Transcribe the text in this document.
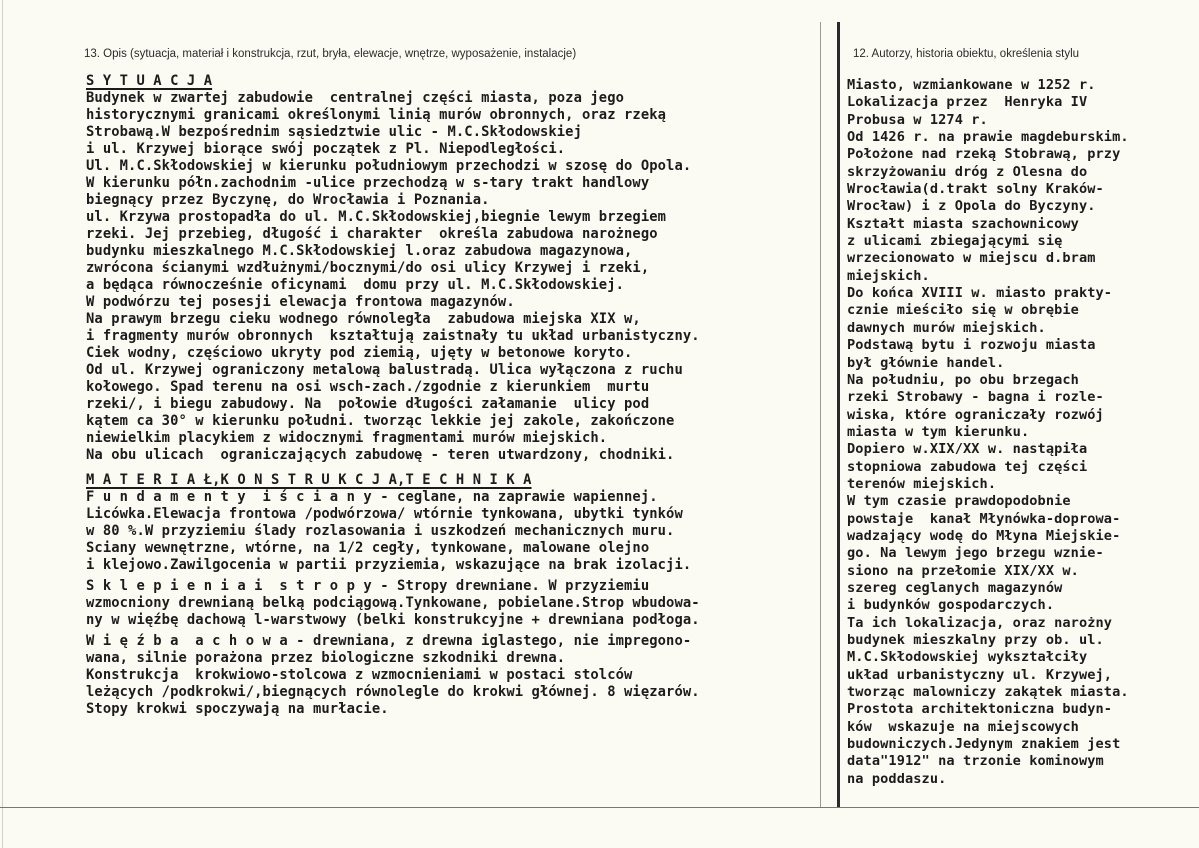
13. Opis (sytuacja, materiał i konstrukcja, rzut, bryła, elewacje, wnętrze, wyposażenie, instalacje)	12. Autorzy, historia obiektu, określenia stylu
S Y T U A C J A
Budynek w zwartej zabudowie  centralnej części miasta, poza jego
historycznymi granicami określonymi linią murów obronnych, oraz rzeką
Strobawą.W bezpośrednim sąsiedztwie ulic - M.C.Skłodowskiej
i ul. Krzywej biorące swój początek z Pl. Niepodległości.
Ul. M.C.Skłodowskiej w kierunku południowym przechodzi w szosę do Opola.
W kierunku półn.zachodnim -ulice przechodzą w s-tary trakt handlowy
biegnący przez Byczynę, do Wrocławia i Poznania.
ul. Krzywa prostopadła do ul. M.C.Skłodowskiej,biegnie lewym brzegiem
rzeki. Jej przebieg, długość i charakter  określa zabudowa narożnego
budynku mieszkalnego M.C.Skłodowskiej l.oraz zabudowa magazynowa,
zwrócona ścianymi wzdłużnymi/bocznymi/do osi ulicy Krzywej i rzeki,
a będąca równocześnie oficynami  domu przy ul. M.C.Skłodowskiej.
W podwórzu tej posesji elewacja frontowa magazynów.
Na prawym brzegu cieku wodnego równoległa  zabudowa miejska XIX w,
i fragmenty murów obronnych  kształtują zaistnały tu układ urbanistyczny.
Ciek wodny, częściowo ukryty pod ziemią, ujęty w betonowe koryto.
Od ul. Krzywej ograniczony metalową balustradą. Ulica wyłączona z ruchu
kołowego. Spad terenu na osi wsch-zach./zgodnie z kierunkiem  murtu
rzeki/, i biegu zabudowy. Na  połowie długości załamanie  ulicy pod
kątem ca 30° w kierunku południ. tworząc lekkie jej zakole, zakończone
niewielkim placykiem z widocznymi fragmentami murów miejskich.
Na obu ulicach  ograniczających zabudowę - teren utwardzony, chodniki.
M A T E R I A Ł,K O N S T R U K C J A,T E C H N I K A
F u n d a m e n t y  i ś c i a n y - ceglane, na zaprawie wapiennej.
Licówka.Elewacja frontowa /podwórzowa/ wtórnie tynkowana, ubytki tynków
w 80 %.W przyziemiu ślady rozlasowania i uszkodzeń mechanicznych muru.
Sciany wewnętrzne, wtórne, na 1/2 cegły, tynkowane, malowane olejno
i klejowo.Zawilgocenia w partii przyziemia, wskazujące na brak izolacji.
S k l e p i e n i a i  s t r o p y - Stropy drewniane. W przyziemiu
wzmocniony drewnianą belką podciągową.Tynkowane, pobielane.Strop wbudowa-
ny w więźbę dachową l-warstwowy (belki konstrukcyjne + drewniana podłoga.
W i ę ź b a  a c h o w a - drewniana, z drewna iglastego, nie impregono-
wana, silnie porażona przez biologiczne szkodniki drewna.
Konstrukcja  krokwiowo-stolcowa z wzmocnieniami w postaci stolców
leżących /podkrokwi/,biegnących równolegle do krokwi głównej. 8 więzarów.
Stopy krokwi spoczywają na murłacie.
Miasto, wzmiankowane w 1252 r.
Lokalizacja przez  Henryka IV
Probusa w 1274 r.
Od 1426 r. na prawie magdeburskim.
Położone nad rzeką Stobrawą, przy
skrzyżowaniu dróg z Olesna do
Wrocławia(d.trakt solny Kraków-
Wrocław) i z Opola do Byczyny.
Kształt miasta szachownicowy
z ulicami zbiegającymi się
wrzecionowato w miejscu d.bram
miejskich.
Do końca XVIII w. miasto prakty-
cznie mieściło się w obrębie
dawnych murów miejskich.
Podstawą bytu i rozwoju miasta
był głównie handel.
Na południu, po obu brzegach
rzeki Strobawy - bagna i rozle-
wiska, które ograniczały rozwój
miasta w tym kierunku.
Dopiero w.XIX/XX w. nastąpiła
stopniowa zabudowa tej części
terenów miejskich.
W tym czasie prawdopodobnie
powstaje  kanał Młynówka-doprowa-
wadzający wodę do Młyna Miejskie-
go. Na lewym jego brzegu wznie-
siono na przełomie XIX/XX w.
szereg ceglanych magazynów
i budynków gospodarczych.
Ta ich lokalizacja, oraz narożny
budynek mieszkalny przy ob. ul.
M.C.Skłodowskiej wykształciły
układ urbanistyczny ul. Krzywej,
tworząc malowniczy zakątek miasta.
Prostota architektoniczna budyn-
ków  wskazuje na miejscowych
budowniczych.Jedynym znakiem jest
data"1912" na trzonie kominowym
na poddaszu.
